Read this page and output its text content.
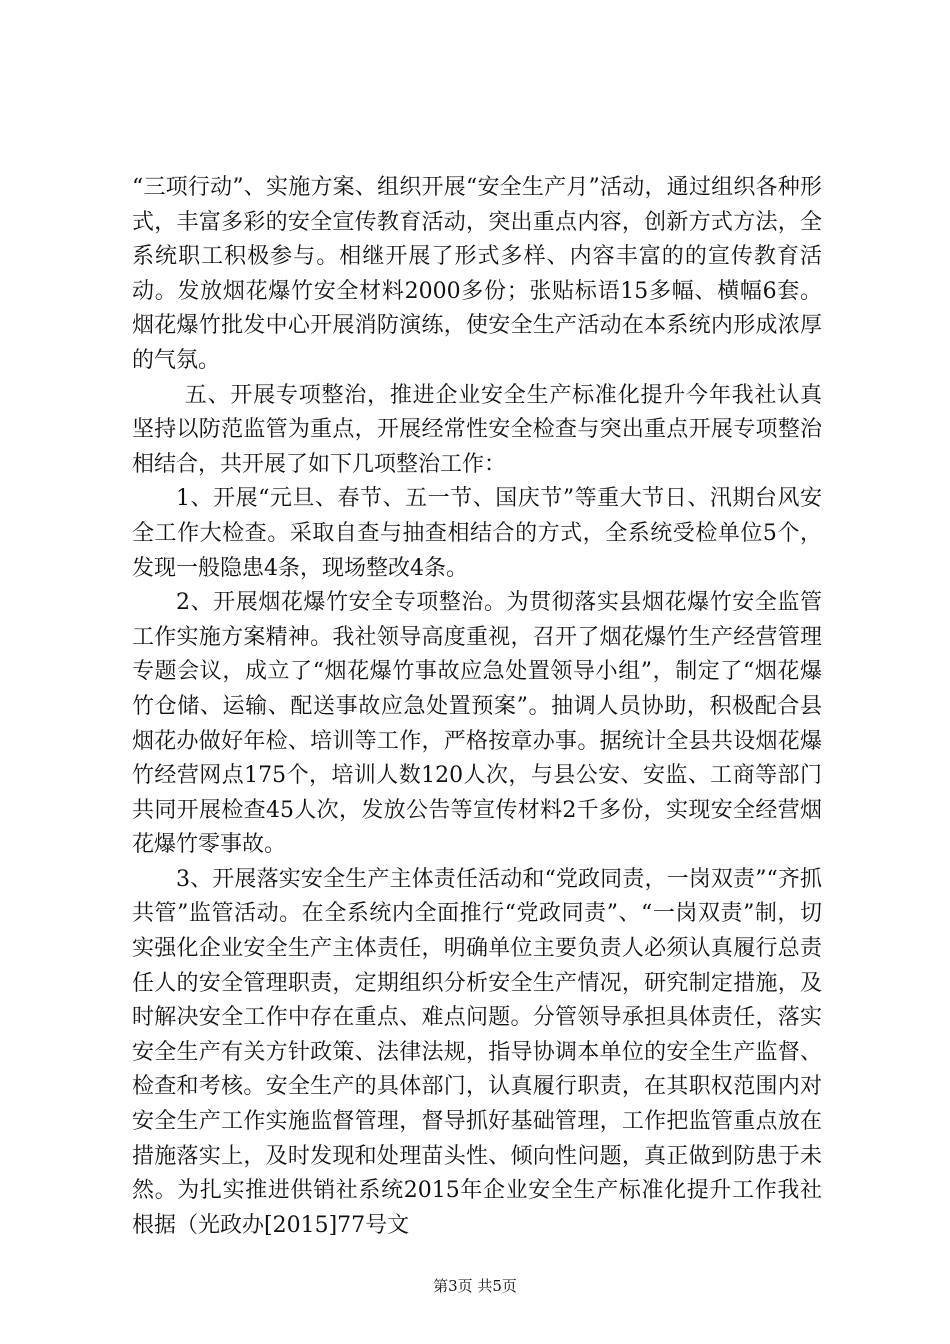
“三项行动”、实施方案、组织开展“安全生产月”活动，通过组织各种形式，丰富多彩的安全宣传教育活动，突出重点内容，创新方式方法，全系统职工积极参与。相继开展了形式多样、内容丰富的的宣传教育活动。发放烟花爆竹安全材料2000多份；张贴标语15多幅、横幅6套。烟花爆竹批发中心开展消防演练，使安全生产活动在本系统内形成浓厚的气氛。

五、开展专项整治，推进企业安全生产标准化提升今年我社认真坚持以防范监管为重点，开展经常性安全检查与突出重点开展专项整治相结合，共开展了如下几项整治工作：

1、开展“元旦、春节、五一节、国庆节”等重大节日、汛期台风安全工作大检查。采取自查与抽查相结合的方式，全系统受检单位5个，发现一般隐患4条，现场整改4条。

2、开展烟花爆竹安全专项整治。为贯彻落实县烟花爆竹安全监管工作实施方案精神。我社领导高度重视，召开了烟花爆竹生产经营管理专题会议，成立了“烟花爆竹事故应急处置领导小组”，制定了“烟花爆竹仓储、运输、配送事故应急处置预案”。抽调人员协助，积极配合县烟花办做好年检、培训等工作，严格按章办事。据统计全县共设烟花爆竹经营网点175个，培训人数120人次，与县公安、安监、工商等部门共同开展检查45人次，发放公告等宣传材料2千多份，实现安全经营烟花爆竹零事故。

3、开展落实安全生产主体责任活动和“党政同责，一岗双责”“齐抓共管”监管活动。在全系统内全面推行“党政同责”、“一岗双责”制，切实强化企业安全生产主体责任，明确单位主要负责人必须认真履行总责任人的安全管理职责，定期组织分析安全生产情况，研究制定措施，及时解决安全工作中存在重点、难点问题。分管领导承担具体责任，落实安全生产有关方针政策、法律法规，指导协调本单位的安全生产监督、检查和考核。安全生产的具体部门，认真履行职责，在其职权范围内对安全生产工作实施监督管理，督导抓好基础管理，工作把监管重点放在措施落实上，及时发现和处理苗头性、倾向性问题，真正做到防患于未然。为扎实推进供销社系统2015年企业安全生产标准化提升工作我社根据（光政办[2015]77号文

第3页 共5页
